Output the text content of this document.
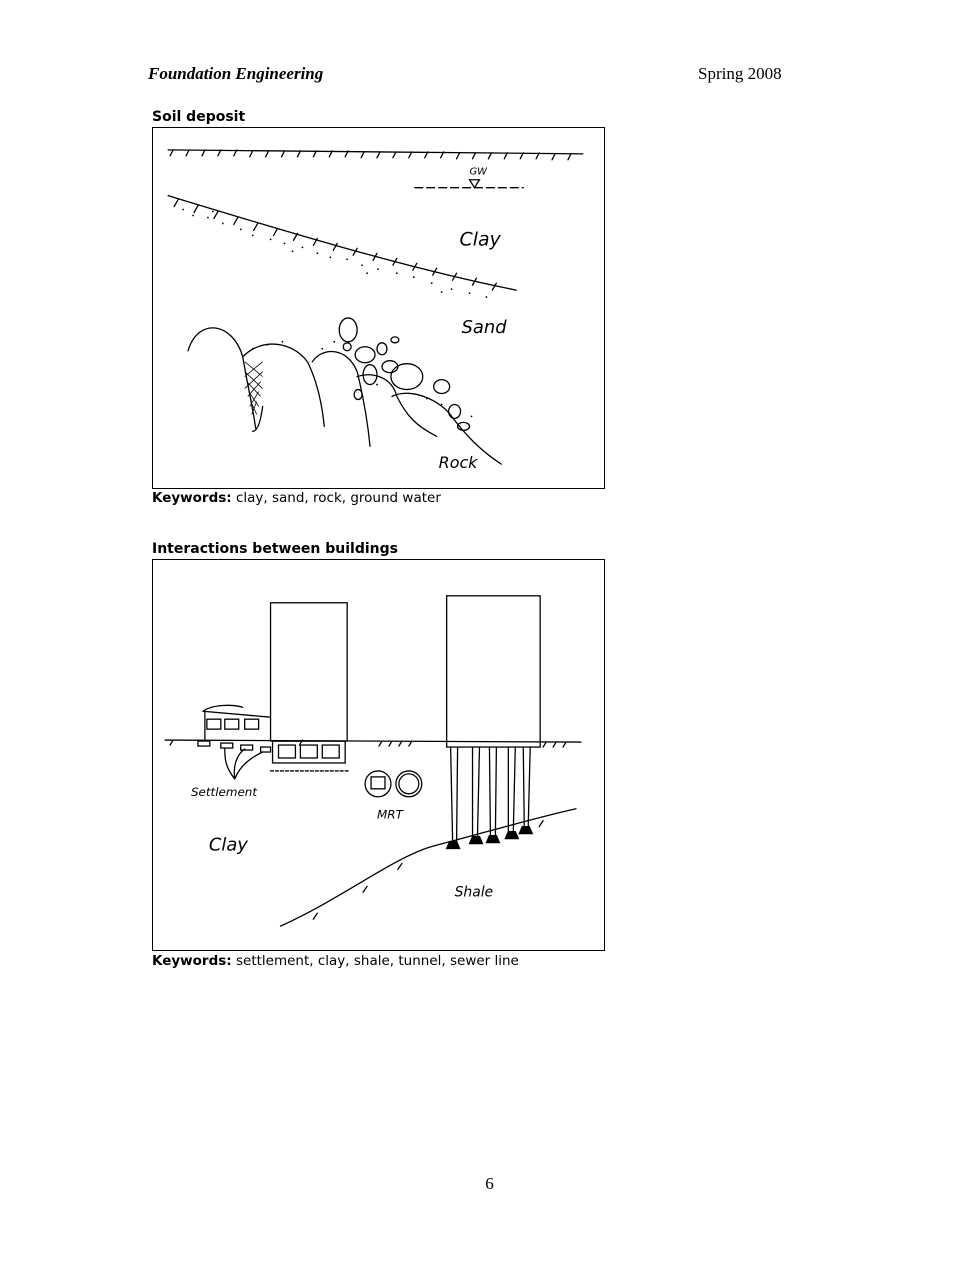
Foundation Engineering	Spring 2008
Soil deposit
GW
Clay
Sand
Rock
Keywords: clay, sand, rock, ground water
Interactions between buildings
Settlement
MRT
Clay
Shale
Keywords: settlement, clay, shale, tunnel, sewer line
6
